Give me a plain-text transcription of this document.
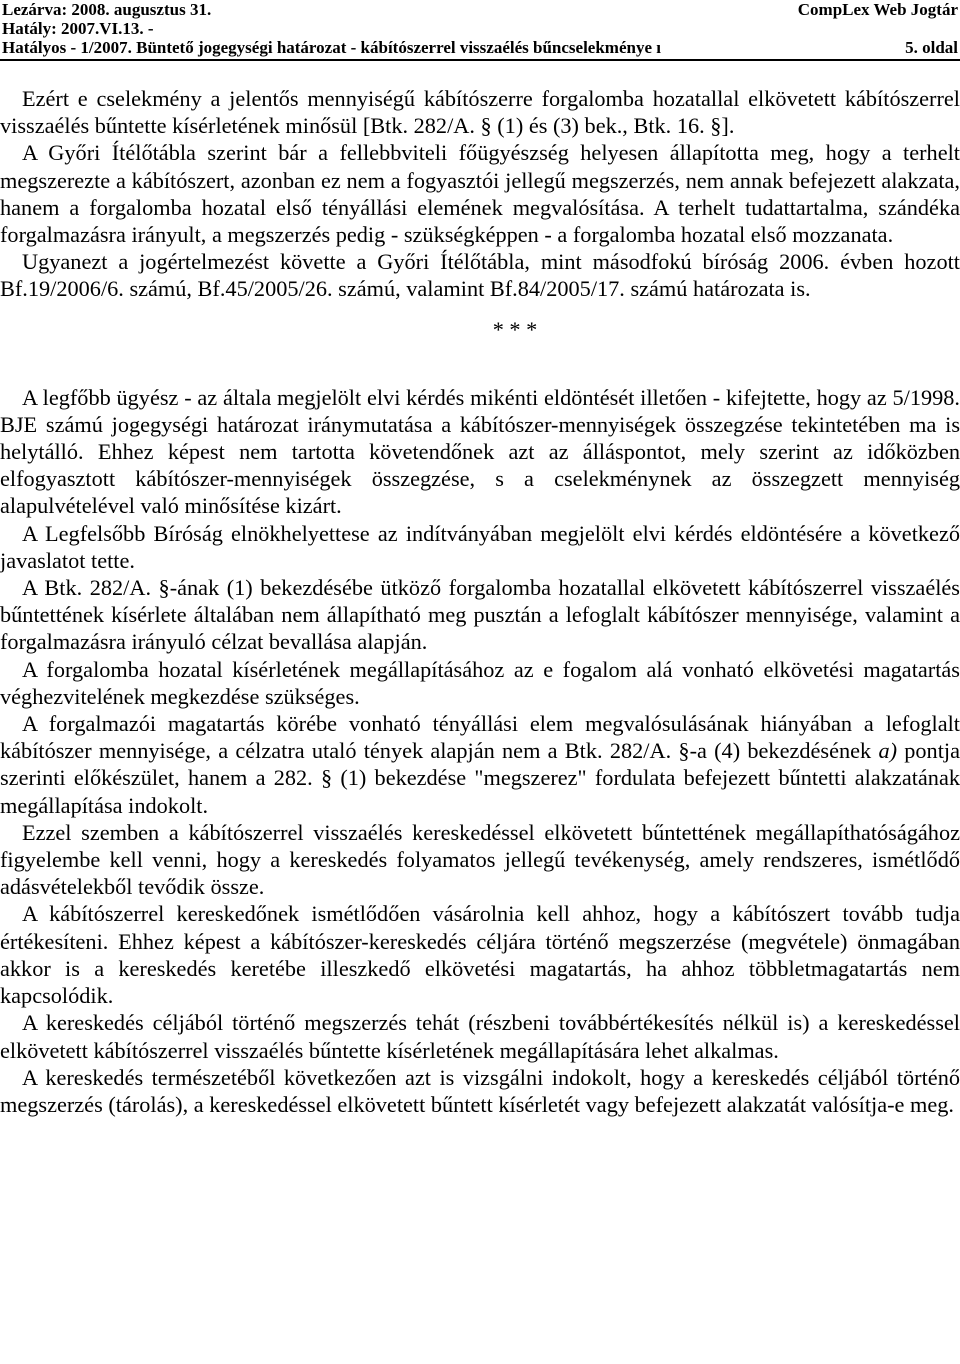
Lezárva: 2008. augusztus 31.	CompLex Web Jogtár
Hatály: 2007.VI.13. -
Hatályos - 1/2007. Büntető jogegységi határozat - kábítószerrel visszaélés bűncselekménye ı	5. oldal

Ezért e cselekmény a jelentős mennyiségű kábítószerre forgalomba hozatallal elkövetett kábítószerrel visszaélés bűntette kísérletének minősül [Btk. 282/A. § (1) és (3) bek., Btk. 16. §].

A Győri Ítélőtábla szerint bár a fellebbviteli főügyészség helyesen állapította meg, hogy a terhelt megszerezte a kábítószert, azonban ez nem a fogyasztói jellegű megszerzés, nem annak befejezett alakzata, hanem a forgalomba hozatal első tényállási elemének megvalósítása. A terhelt tudattartalma, szándéka forgalmazásra irányult, a megszerzés pedig - szükségképpen - a forgalomba hozatal első mozzanata.

Ugyanezt a jogértelmezést követte a Győri Ítélőtábla, mint másodfokú bíróság 2006. évben hozott Bf.19/2006/6. számú, Bf.45/2005/26. számú, valamint Bf.84/2005/17. számú határozata is.

* * *

A legfőbb ügyész - az általa megjelölt elvi kérdés mikénti eldöntését illetően - kifejtette, hogy az 5/1998. BJE számú jogegységi határozat iránymutatása a kábítószer-mennyiségek összegzése tekintetében ma is helytálló. Ehhez képest nem tartotta követendőnek azt az álláspontot, mely szerint az időközben elfogyasztott kábítószer-mennyiségek összegzése, s a cselekménynek az összegzett mennyiség alapulvételével való minősítése kizárt.

A Legfelsőbb Bíróság elnökhelyettese az indítványában megjelölt elvi kérdés eldöntésére a következő javaslatot tette.

A Btk. 282/A. §-ának (1) bekezdésébe ütköző forgalomba hozatallal elkövetett kábítószerrel visszaélés bűntettének kísérlete általában nem állapítható meg pusztán a lefoglalt kábítószer mennyisége, valamint a forgalmazásra irányuló célzat bevallása alapján.

A forgalomba hozatal kísérletének megállapításához az e fogalom alá vonható elkövetési magatartás véghezvitelének megkezdése szükséges.

A forgalmazói magatartás körébe vonható tényállási elem megvalósulásának hiányában a lefoglalt kábítószer mennyisége, a célzatra utaló tények alapján nem a Btk. 282/A. §-a (4) bekezdésének a) pontja szerinti előkészület, hanem a 282. § (1) bekezdése "megszerez" fordulata befejezett bűntetti alakzatának megállapítása indokolt.

Ezzel szemben a kábítószerrel visszaélés kereskedéssel elkövetett bűntettének megállapíthatóságához figyelembe kell venni, hogy a kereskedés folyamatos jellegű tevékenység, amely rendszeres, ismétlődő adásvételekből tevődik össze.

A kábítószerrel kereskedőnek ismétlődően vásárolnia kell ahhoz, hogy a kábítószert tovább tudja értékesíteni. Ehhez képest a kábítószer-kereskedés céljára történő megszerzése (megvétele) önmagában akkor is a kereskedés keretébe illeszkedő elkövetési magatartás, ha ahhoz többletmagatartás nem kapcsolódik.

A kereskedés céljából történő megszerzés tehát (részbeni továbbértékesítés nélkül is) a kereskedéssel elkövetett kábítószerrel visszaélés bűntette kísérletének megállapítására lehet alkalmas.

A kereskedés természetéből következően azt is vizsgálni indokolt, hogy a kereskedés céljából történő megszerzés (tárolás), a kereskedéssel elkövetett bűntett kísérletét vagy befejezett alakzatát valósítja-e meg.
